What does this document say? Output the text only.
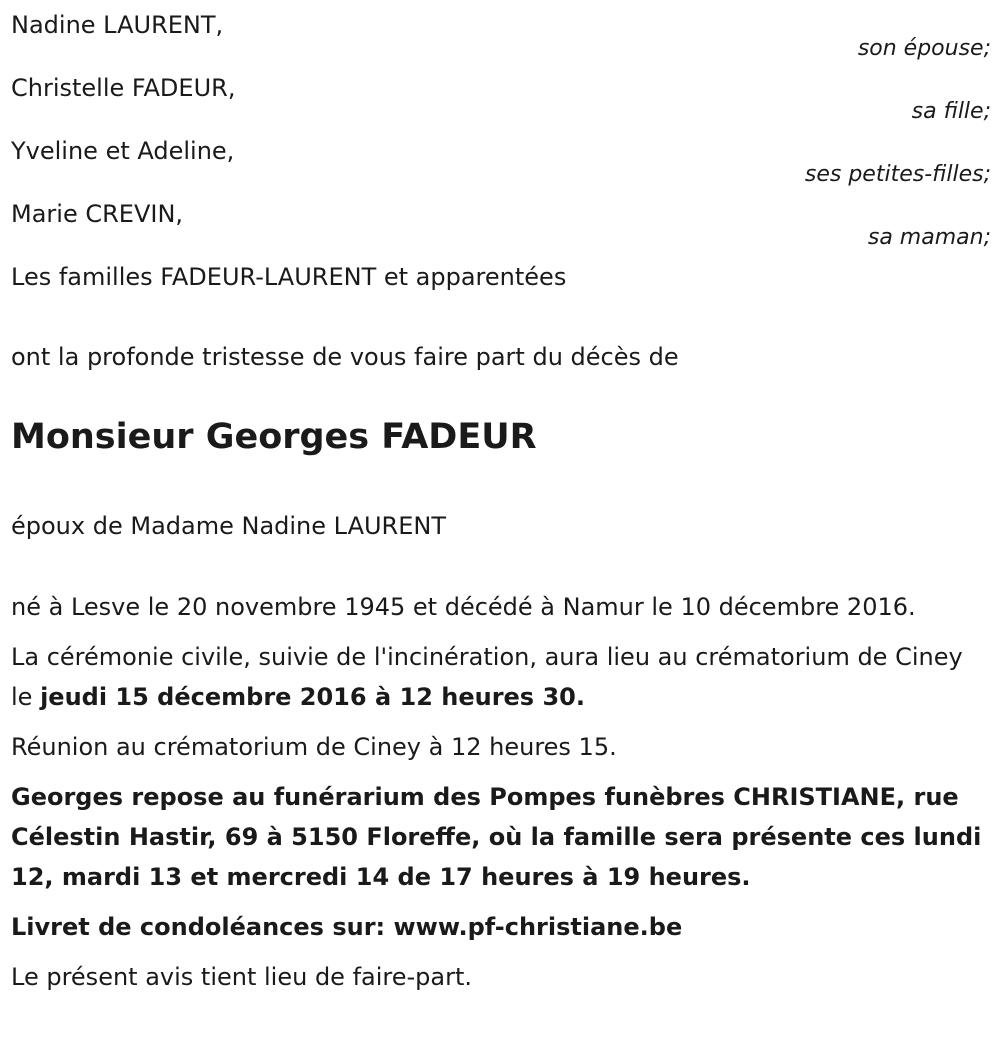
Nadine LAURENT,
son épouse;
Christelle FADEUR,
sa fille;
Yveline et Adeline,
ses petites-filles;
Marie CREVIN,
sa maman;
Les familles FADEUR-LAURENT et apparentées
ont la profonde tristesse de vous faire part du décès de
Monsieur Georges FADEUR
époux de Madame Nadine LAURENT

né à Lesve le 20 novembre 1945 et décédé à Namur le 10 décembre 2016.

La cérémonie civile, suivie de l'incinération, aura lieu au crématorium de Ciney le jeudi 15 décembre 2016 à 12 heures 30.

Réunion au crématorium de Ciney à 12 heures 15.

Georges repose au funérarium des Pompes funèbres CHRISTIANE, rue Célestin Hastir, 69 à 5150 Floreffe, où la famille sera présente ces lundi 12, mardi 13 et mercredi 14 de 17 heures à 19 heures.

Livret de condoléances sur: www.pf-christiane.be

Le présent avis tient lieu de faire-part.
